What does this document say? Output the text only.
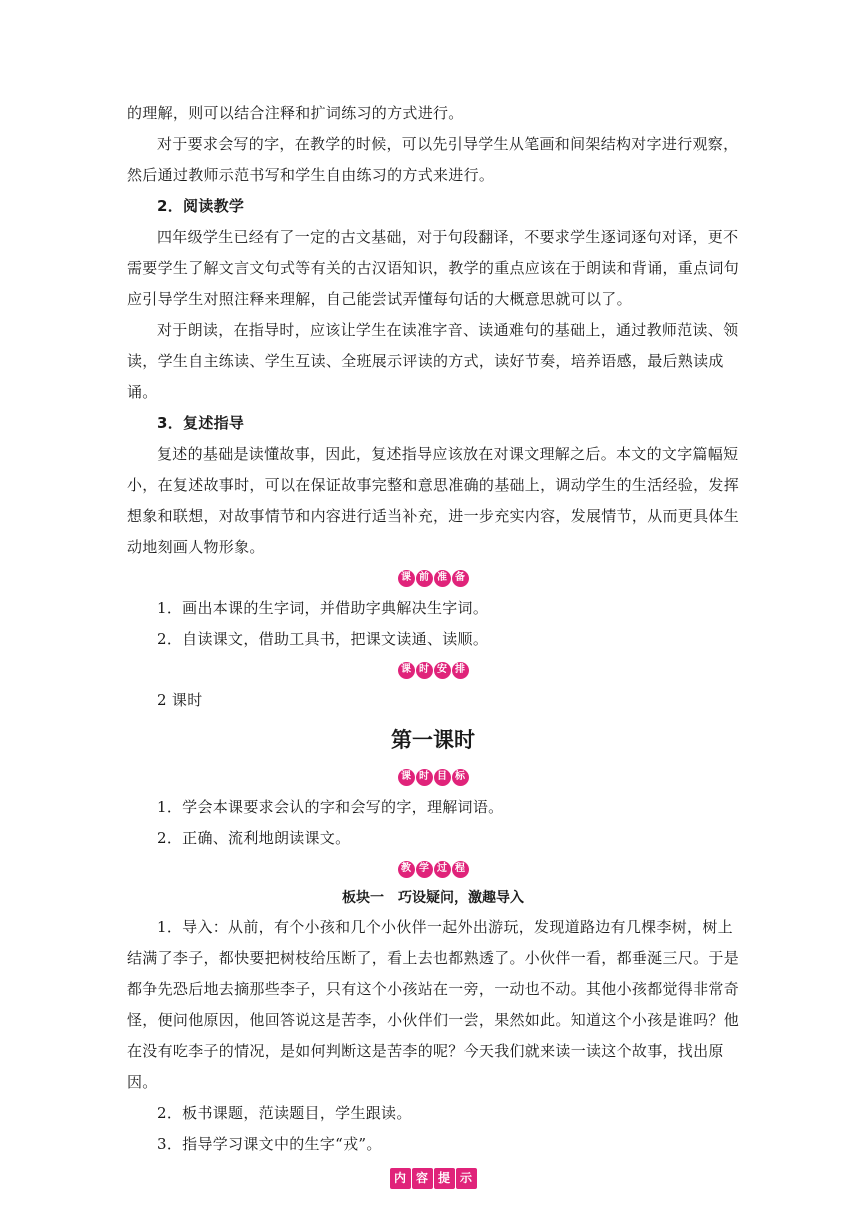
的理解，则可以结合注释和扩词练习的方式进行。

对于要求会写的字，在教学的时候，可以先引导学生从笔画和间架结构对字进行观察，然后通过教师示范书写和学生自由练习的方式来进行。

2．阅读教学

四年级学生已经有了一定的古文基础，对于句段翻译，不要求学生逐词逐句对译，更不需要学生了解文言文句式等有关的古汉语知识，教学的重点应该在于朗读和背诵，重点词句应引导学生对照注释来理解，自己能尝试弄懂每句话的大概意思就可以了。

对于朗读，在指导时，应该让学生在读准字音、读通难句的基础上，通过教师范读、领读，学生自主练读、学生互读、全班展示评读的方式，读好节奏，培养语感，最后熟读成诵。

3．复述指导

复述的基础是读懂故事，因此，复述指导应该放在对课文理解之后。本文的文字篇幅短小，在复述故事时，可以在保证故事完整和意思准确的基础上，调动学生的生活经验，发挥想象和联想，对故事情节和内容进行适当补充，进一步充实内容，发展情节，从而更具体生动地刻画人物形象。

课 前 准 备

1．画出本课的生字词，并借助字典解决生字词。

2．自读课文，借助工具书，把课文读通、读顺。

课 时 安 排

2 课时

第一课时
课 时 目 标

1．学会本课要求会认的字和会写的字，理解词语。

2．正确、流利地朗读课文。

教 学 过 程
板块一　巧设疑问，激趣导入

1．导入：从前，有个小孩和几个小伙伴一起外出游玩，发现道路边有几棵李树，树上结满了李子，都快要把树枝给压断了，看上去也都熟透了。小伙伴一看，都垂涎三尺。于是都争先恐后地去摘那些李子，只有这个小孩站在一旁，一动也不动。其他小孩都觉得非常奇怪，便问他原因，他回答说这是苦李，小伙伴们一尝，果然如此。知道这个小孩是谁吗？他在没有吃李子的情况，是如何判断这是苦李的呢？今天我们就来读一读这个故事，找出原因。

2．板书课题，范读题目，学生跟读。

3．指导学习课文中的生字“戎”。

内 容 提 示
